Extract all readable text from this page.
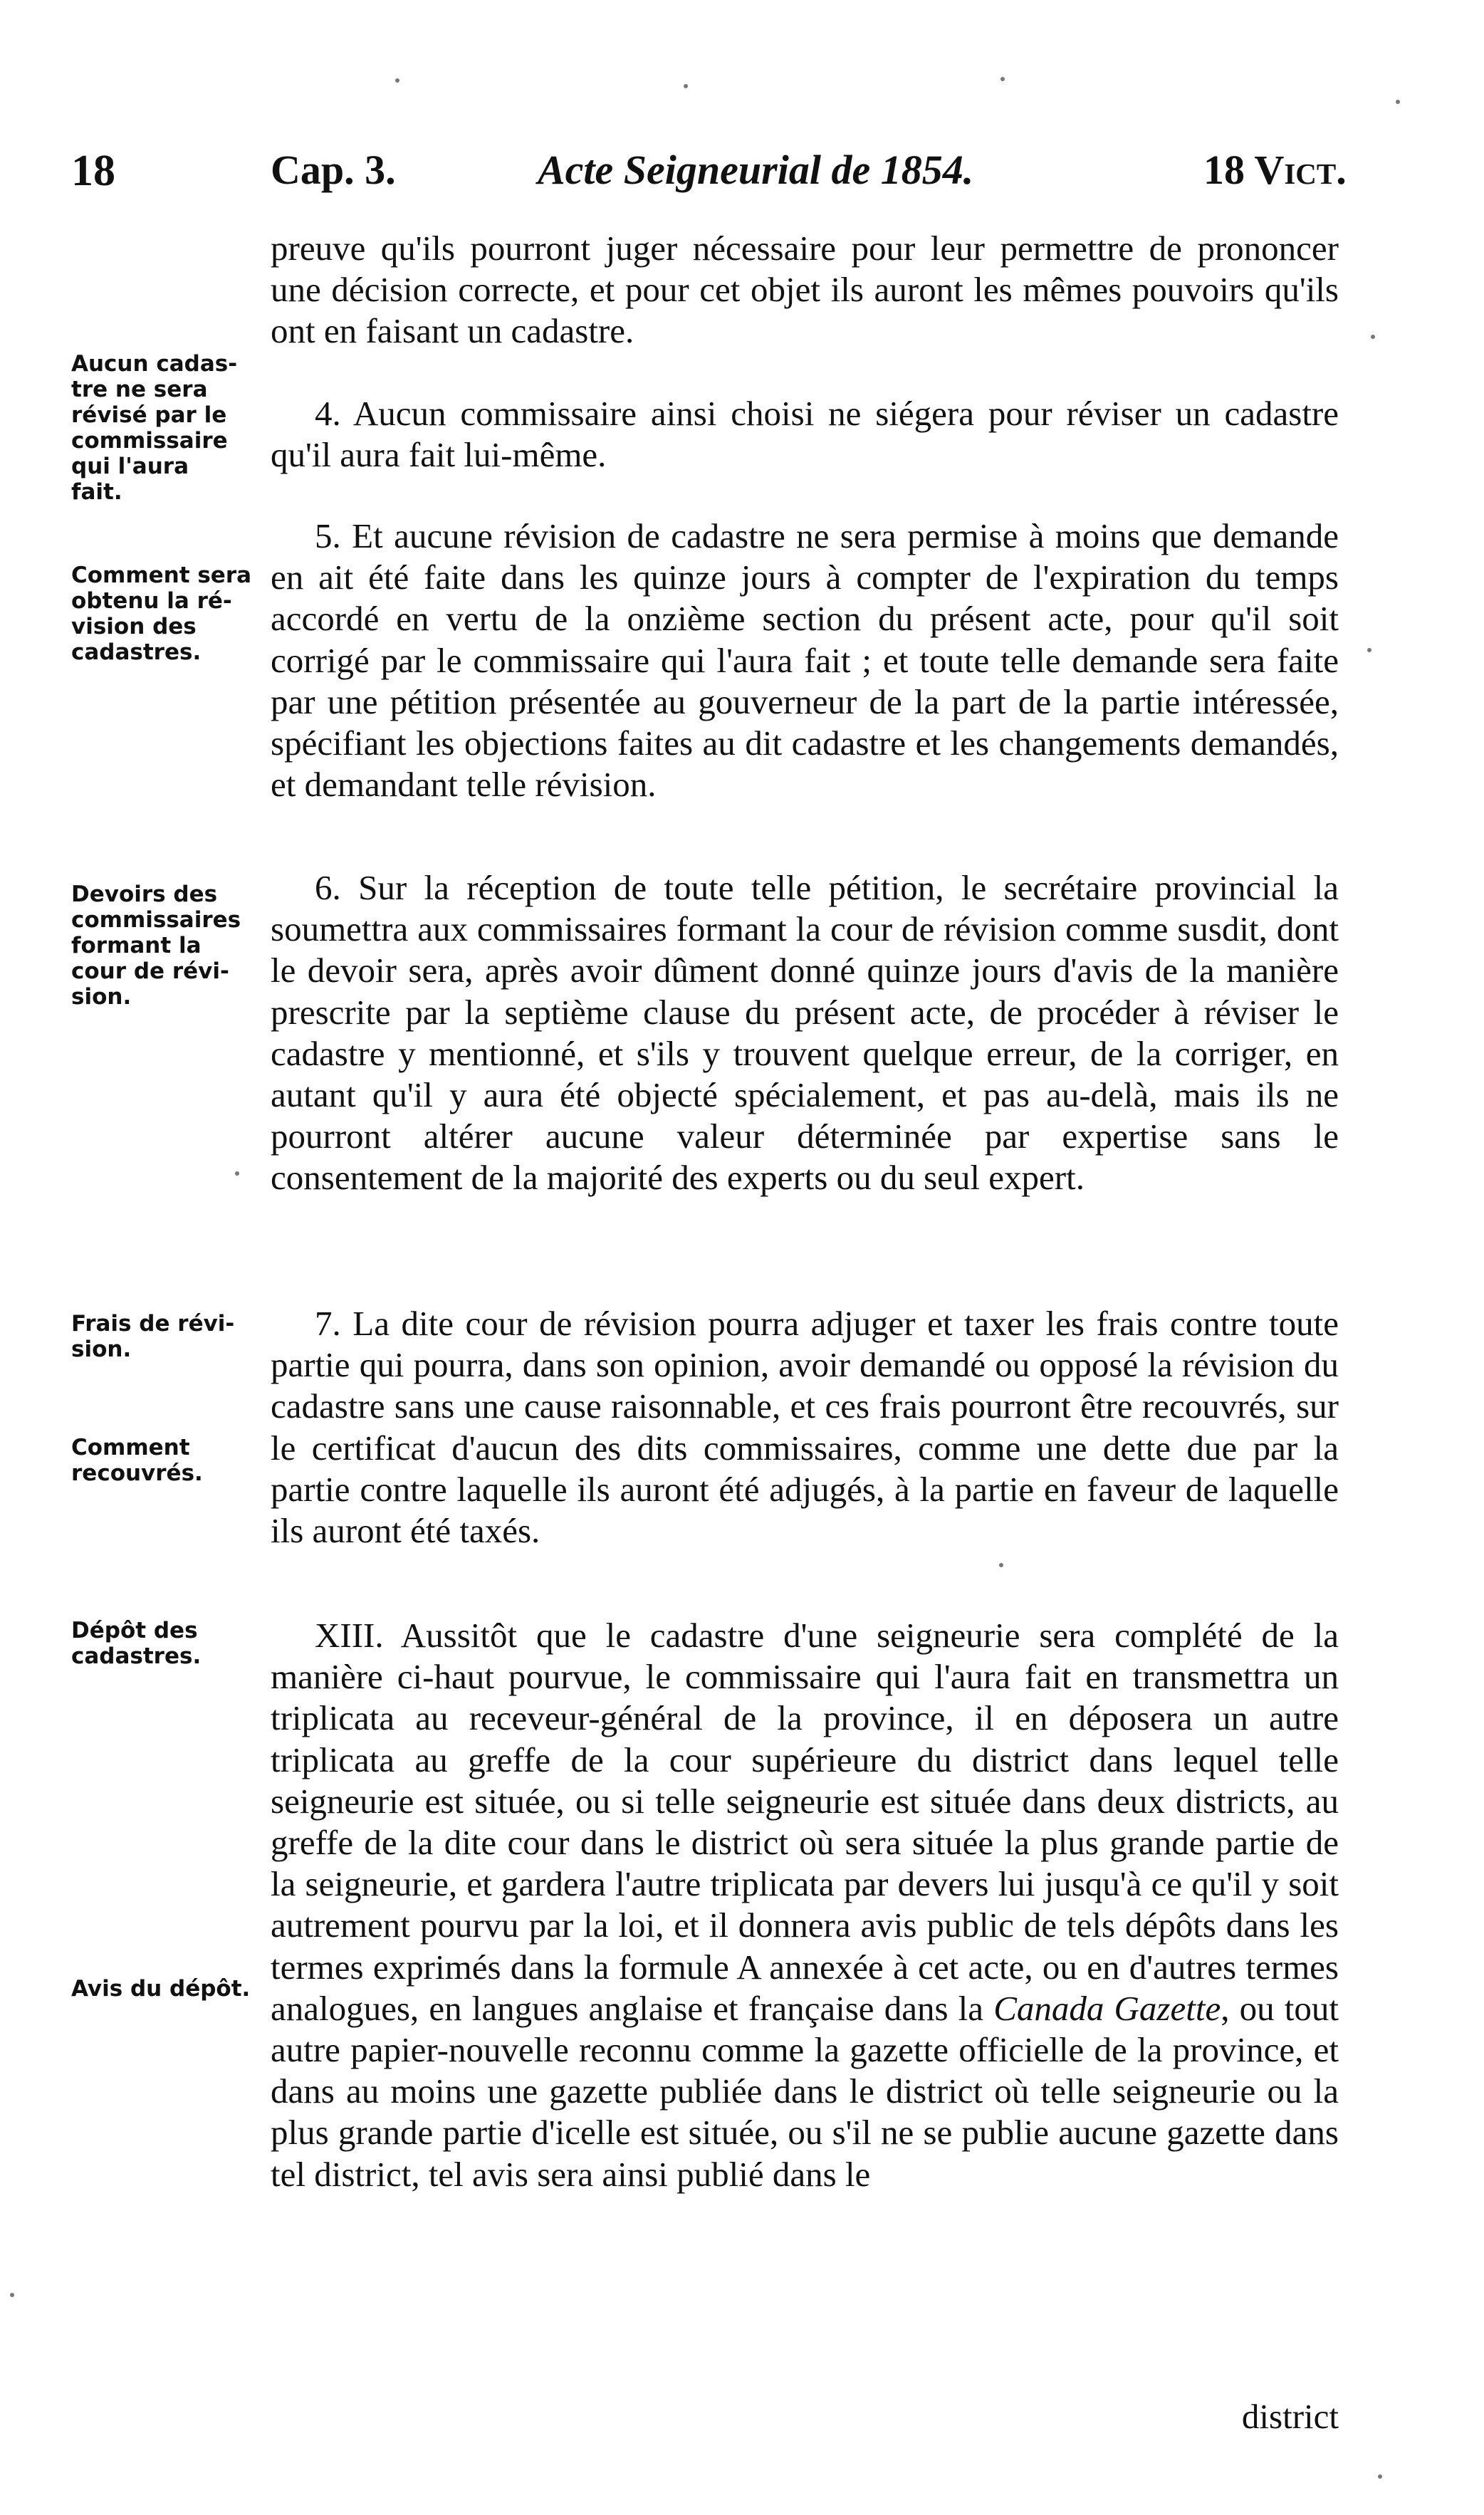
18	Cap. 3.	Acte Seigneurial de 1854.	18 Vict.
Aucun cadas-
tre ne sera
révisé par le
commissaire
qui l'aura
fait.
Comment sera
obtenu la ré-
vision des
cadastres.
Devoirs des
commissaires
formant la
cour de révi-
sion.
Frais de révi-
sion.
Comment
recouvrés.
Dépôt des
cadastres.
Avis du dépôt.

preuve qu'ils pourront juger nécessaire pour leur permettre de prononcer une décision correcte, et pour cet objet ils auront les mêmes pouvoirs qu'ils ont en faisant un cadastre.

4. Aucun commissaire ainsi choisi ne siégera pour réviser un cadastre qu'il aura fait lui-même.

5. Et aucune révision de cadastre ne sera permise à moins que demande en ait été faite dans les quinze jours à compter de l'expiration du temps accordé en vertu de la onzième section du présent acte, pour qu'il soit corrigé par le commissaire qui l'aura fait ; et toute telle demande sera faite par une pétition présentée au gouverneur de la part de la partie intéressée, spécifiant les objections faites au dit cadastre et les changements demandés, et demandant telle révision.

6. Sur la réception de toute telle pétition, le secrétaire provincial la soumettra aux commissaires formant la cour de révision comme susdit, dont le devoir sera, après avoir dûment donné quinze jours d'avis de la manière prescrite par la septième clause du présent acte, de procéder à réviser le cadastre y mentionné, et s'ils y trouvent quelque erreur, de la corriger, en autant qu'il y aura été objecté spécialement, et pas au-delà, mais ils ne pourront altérer aucune valeur déterminée par expertise sans le consentement de la majorité des experts ou du seul expert.

7. La dite cour de révision pourra adjuger et taxer les frais contre toute partie qui pourra, dans son opinion, avoir demandé ou opposé la révision du cadastre sans une cause raisonnable, et ces frais pourront être recouvrés, sur le certificat d'aucun des dits commissaires, comme une dette due par la partie contre laquelle ils auront été adjugés, à la partie en faveur de laquelle ils auront été taxés.

XIII. Aussitôt que le cadastre d'une seigneurie sera complété de la manière ci-haut pourvue, le commissaire qui l'aura fait en transmettra un triplicata au receveur-général de la province, il en déposera un autre triplicata au greffe de la cour supérieure du district dans lequel telle seigneurie est située, ou si telle seigneurie est située dans deux districts, au greffe de la dite cour dans le district où sera située la plus grande partie de la seigneurie, et gardera l'autre triplicata par devers lui jusqu'à ce qu'il y soit autrement pourvu par la loi, et il donnera avis public de tels dépôts dans les termes exprimés dans la formule A annexée à cet acte, ou en d'autres termes analogues, en langues anglaise et française dans la Canada Gazette, ou tout autre papier-nouvelle reconnu comme la gazette officielle de la province, et dans au moins une gazette publiée dans le district où telle seigneurie ou la plus grande partie d'icelle est située, ou s'il ne se publie aucune gazette dans tel district, tel avis sera ainsi publié dans le

district
